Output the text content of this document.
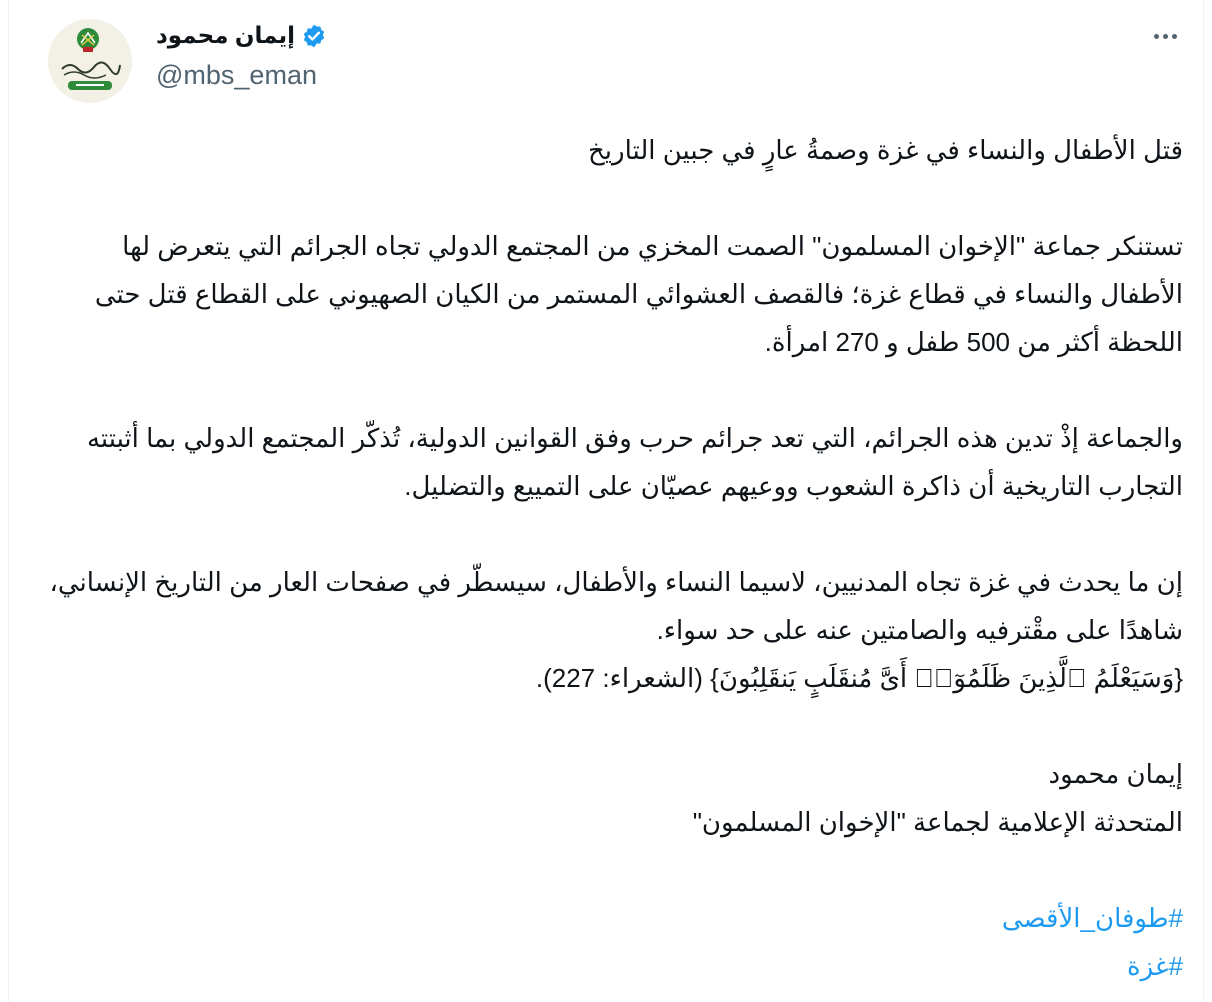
إيمان محمود
@mbs_eman

قتل الأطفال والنساء في غزة وصمةُ عارٍ في جبين التاريخ

تستنكر جماعة "الإخوان المسلمون" الصمت المخزي من المجتمع الدولي تجاه الجرائم التي يتعرض لها
الأطفال والنساء في قطاع غزة؛ فالقصف العشوائي المستمر من الكيان الصهيوني على القطاع قتل حتى
اللحظة أكثر من 500 طفل و 270 امرأة.

والجماعة إذْ تدين هذه الجرائم، التي تعد جرائم حرب وفق القوانين الدولية، تُذكّر المجتمع الدولي بما أثبتته
التجارب التاريخية أن ذاكرة الشعوب ووعيهم عصيّان على التمييع والتضليل.

إن ما يحدث في غزة تجاه المدنيين، لاسيما النساء والأطفال، سيسطّر في صفحات العار من التاريخ الإنساني،
شاهدًا على مقْترفيه والصامتين عنه على حد سواء.
{وَسَيَعْلَمُ ٱلَّذِينَ ظَلَمُوٓا۟ أَىَّ مُنقَلَبٍ يَنقَلِبُونَ} (الشعراء: 227).

إيمان محمود
المتحدثة الإعلامية لجماعة "الإخوان المسلمون"

#طوفان_الأقصى
#غزة
